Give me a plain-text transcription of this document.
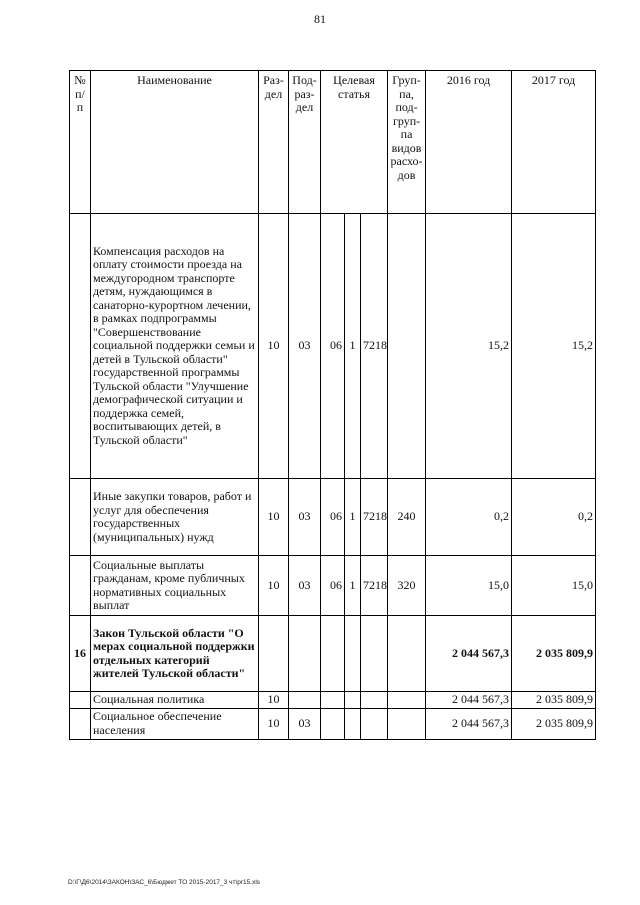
81
№ п/п	Наименование	Раз- дел	Под- раз- дел	Целевая статья			Груп- па, под- груп- па видов расхо- дов	2016 год	2017 год
	Компенсация расходов на оплату стоимости проезда на междугородном транспорте детям, нуждающимся в санаторно-курортном лечении, в рамках подпрограммы "Совершенствование социальной поддержки семьи и детей в Тульской области" государственной программы Тульской области "Улучшение демографической ситуации и поддержка семей, воспитывающих детей, в Тульской области"	10	03	06	1	7218		15,2	15,2
	Иные закупки товаров, работ и услуг для обеспечения государственных (муниципальных) нужд	10	03	06	1	7218	240	0,2	0,2
	Социальные выплаты гражданам, кроме публичных нормативных социальных выплат	10	03	06	1	7218	320	15,0	15,0
16	Закон Тульской области "О мерах социальной поддержки отдельных категорий жителей Тульской области"							2 044 567,3	2 035 809,9
	Социальная политика	10						2 044 567,3	2 035 809,9
	Социальное обеспечение населения	10	03					2 044 567,3	2 035 809,9
D:\Г\Д6\2014\ЗАКОН\ЗАС_6\Бюджет ТО 2015-2017_3 чт\pr15.xls
